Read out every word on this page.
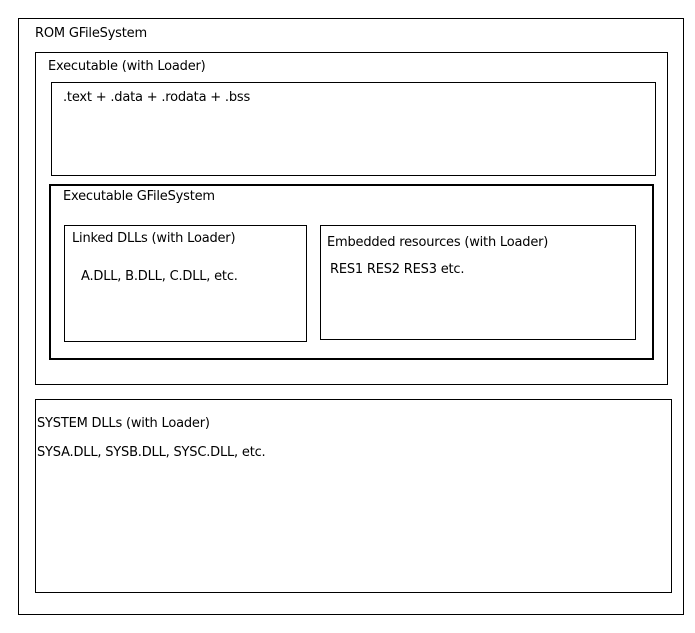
ROM GFileSystem
Executable (with Loader)
.text + .data + .rodata + .bss
Executable GFileSystem
Linked DLLs (with Loader)
A.DLL, B.DLL, C.DLL, etc.
Embedded resources (with Loader)
RES1 RES2 RES3 etc.
SYSTEM DLLs (with Loader)
SYSA.DLL, SYSB.DLL, SYSC.DLL, etc.
